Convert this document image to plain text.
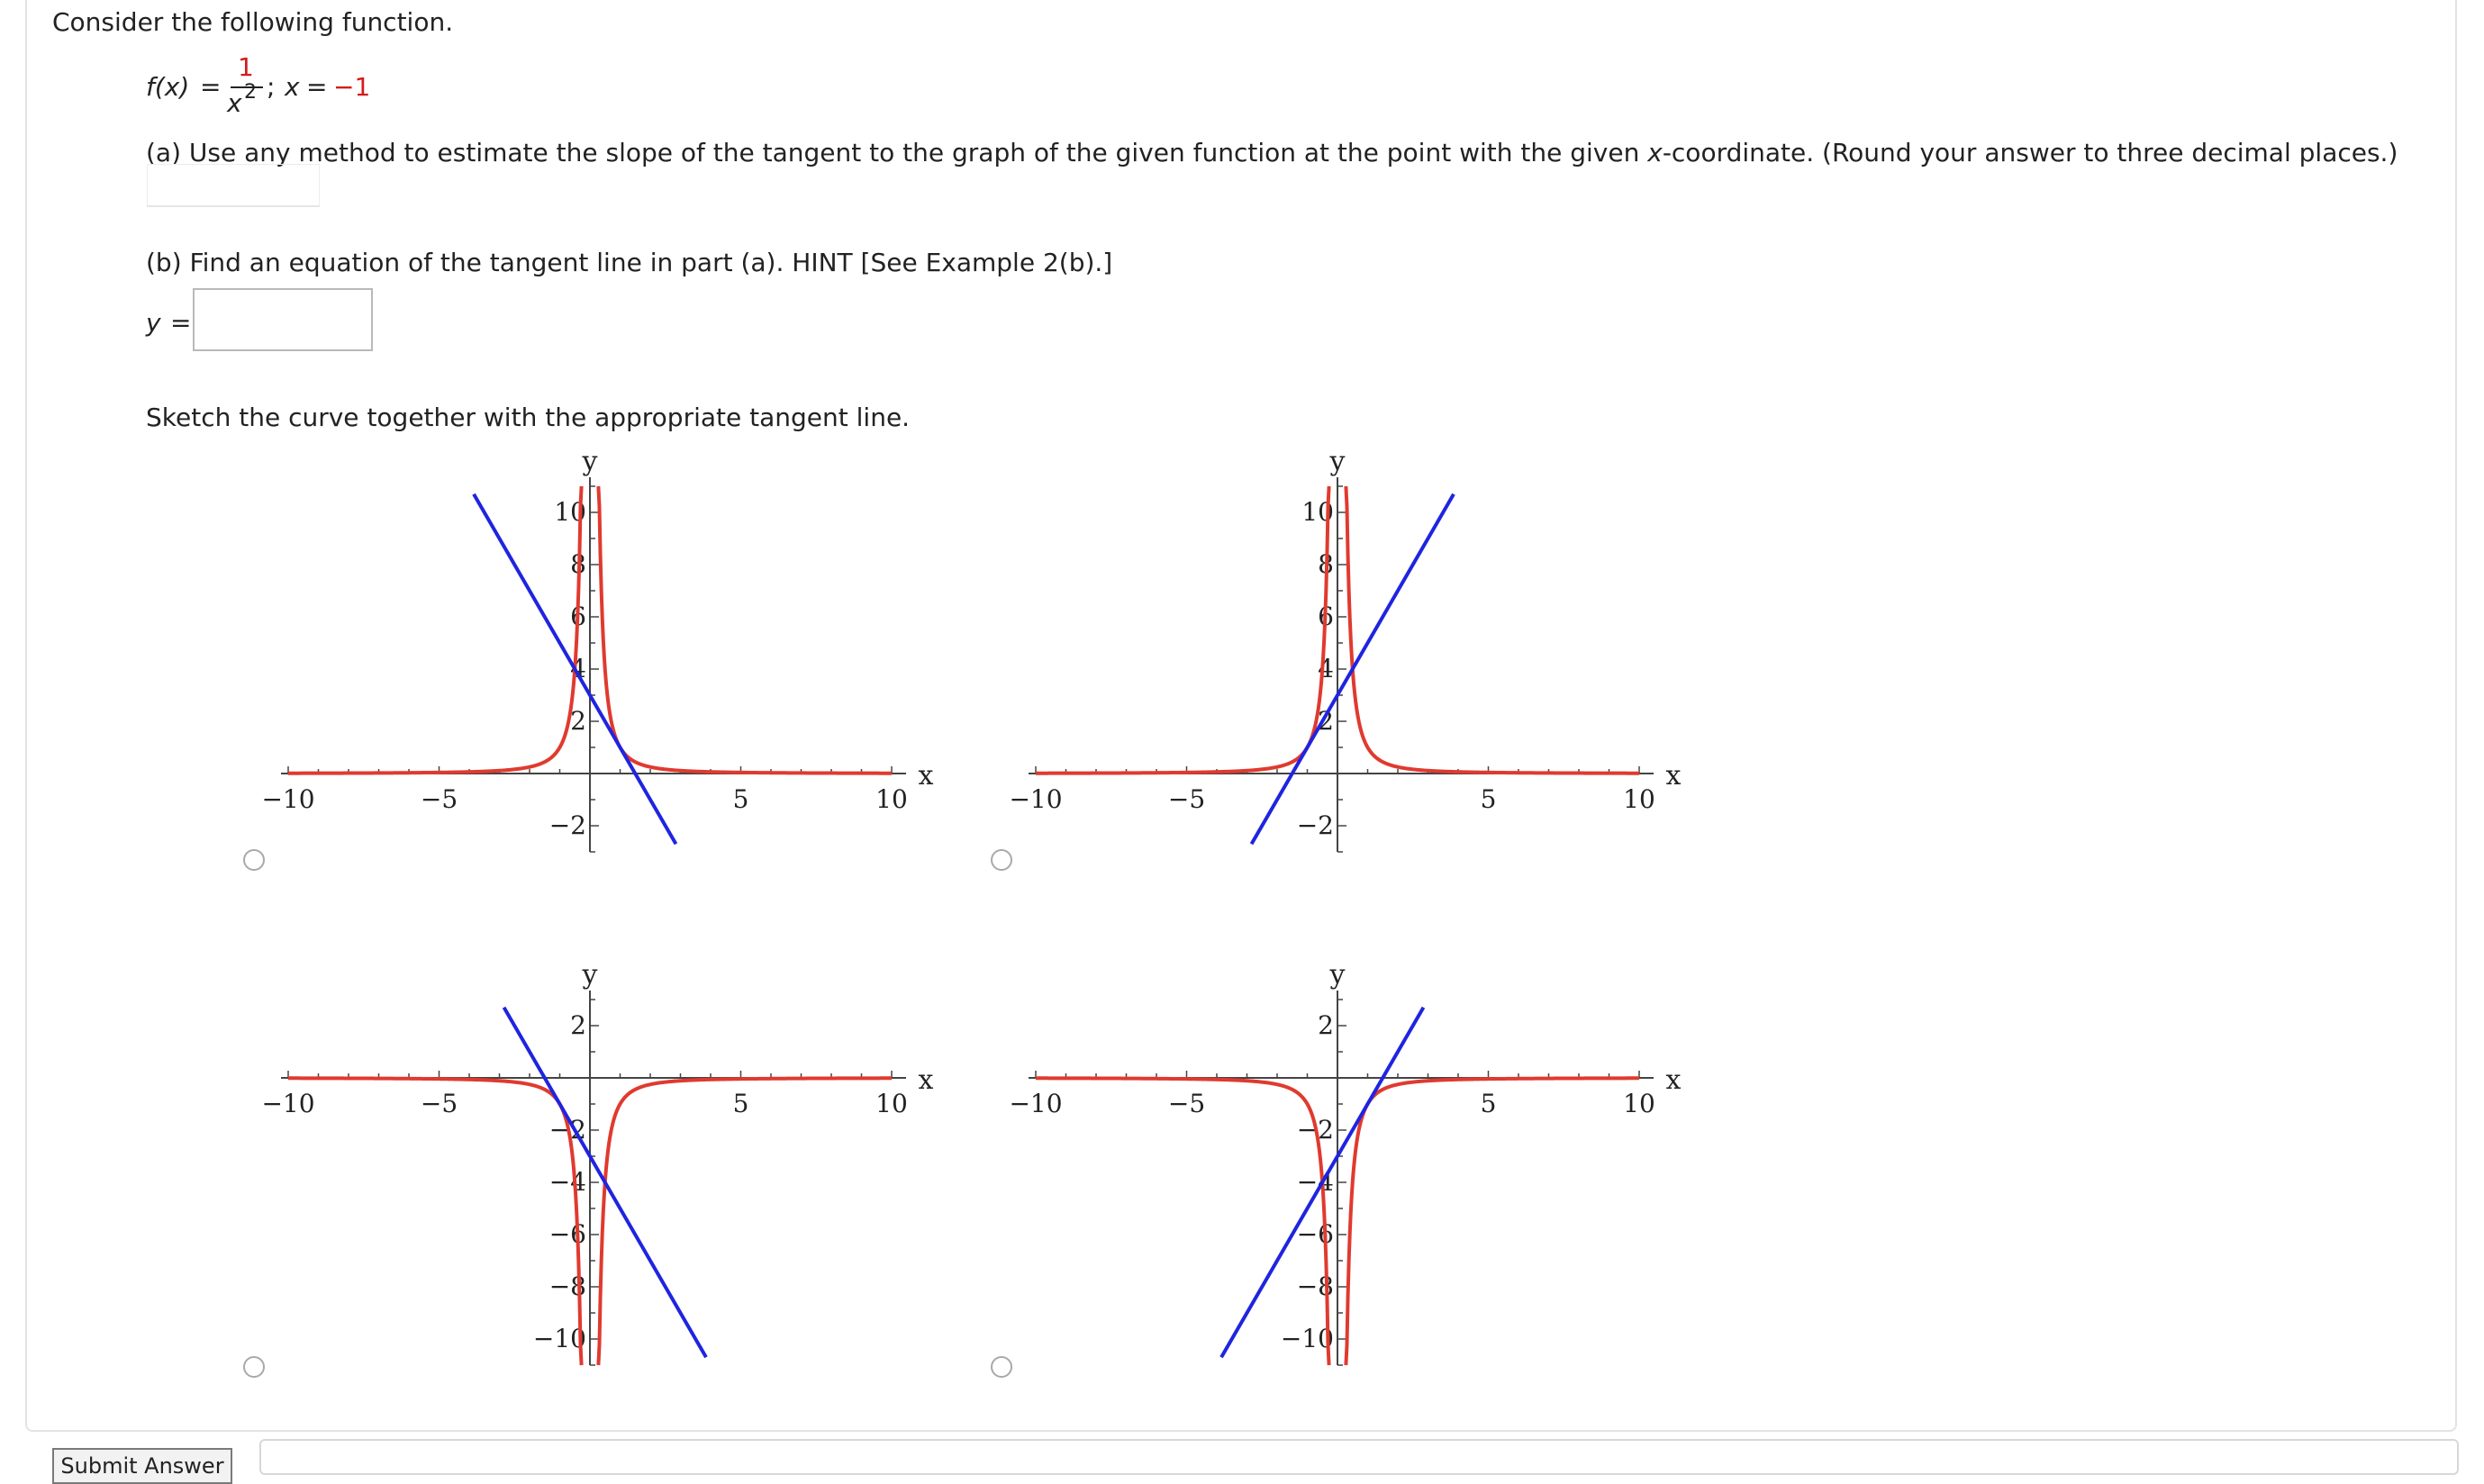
Consider the following function.
f(x) =
1
x 2 ; x = −1
(a) Use any method to estimate the slope of the tangent to the graph of the given function at the point with the given x-coordinate. (Round your answer to three decimal places.)
(b) Find an equation of the tangent line in part (a). HINT [See Example 2(b).]
y =
Sketch the curve together with the appropriate tangent line.
−10	−5	5	10
10
8
6
4
2
−2
x
y
−10	−5	5	10
10
8
6
4
2
−2
x
y
−10	−5	5	10
2
−2
−4
−6
−8
−10
x
y
−10	−5	5	10
2
−2
−4
−6
−8
−10
x
y
Submit Answer
